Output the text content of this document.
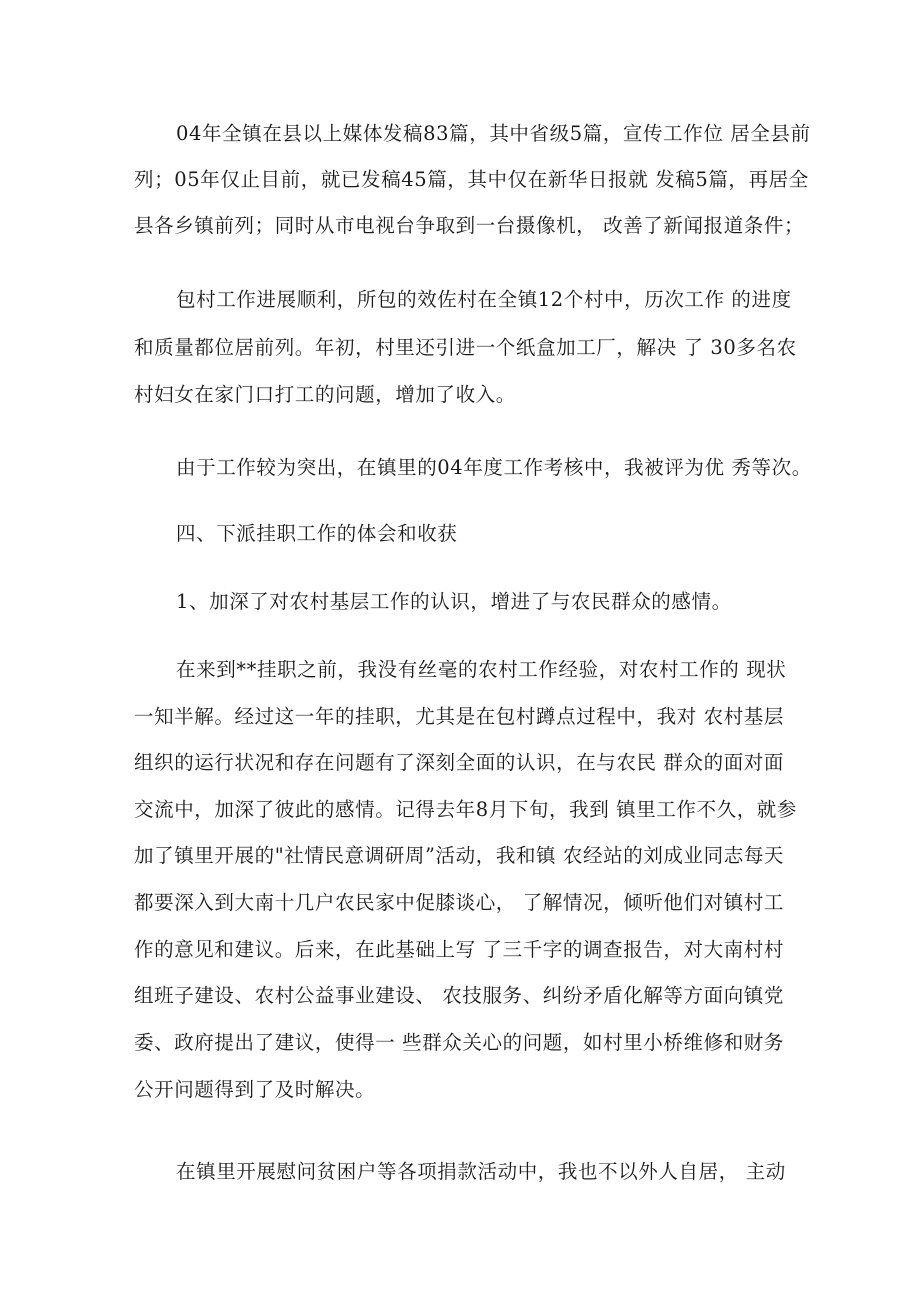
04年全镇在县以上媒体发稿83篇，其中省级5篇，宣传工作位 居全县前
列；05年仅止目前，就已发稿45篇，其中仅在新华日报就 发稿5篇，再居全
县各乡镇前列；同时从市电视台争取到一台摄像机， 改善了新闻报道条件；
包村工作进展顺利，所包的效佐村在全镇12个村中，历次工作 的进度
和质量都位居前列。年初，村里还引进一个纸盒加工厂，解决 了 30多名农
村妇女在家门口打工的问题，增加了收入。
由于工作较为突出，在镇里的04年度工作考核中，我被评为优 秀等次。
四、下派挂职工作的体会和收获
1、加深了对农村基层工作的认识，增进了与农民群众的感情。
在来到**挂职之前，我没有丝毫的农村工作经验，对农村工作的 现状
一知半解。经过这一年的挂职，尤其是在包村蹲点过程中，我对 农村基层
组织的运行状况和存在问题有了深刻全面的认识，在与农民 群众的面对面
交流中，加深了彼此的感情。记得去年8月下旬，我到 镇里工作不久，就参
加了镇里开展的"社情民意调研周”活动，我和镇 农经站的刘成业同志每天
都要深入到大南十几户农民家中促膝谈心， 了解情况，倾听他们对镇村工
作的意见和建议。后来，在此基础上写 了三千字的调查报告，对大南村村
组班子建设、农村公益事业建设、 农技服务、纠纷矛盾化解等方面向镇党
委、政府提出了建议，使得一 些群众关心的问题，如村里小桥维修和财务
公开问题得到了及时解决。
在镇里开展慰问贫困户等各项捐款活动中，我也不以外人自居， 主动
